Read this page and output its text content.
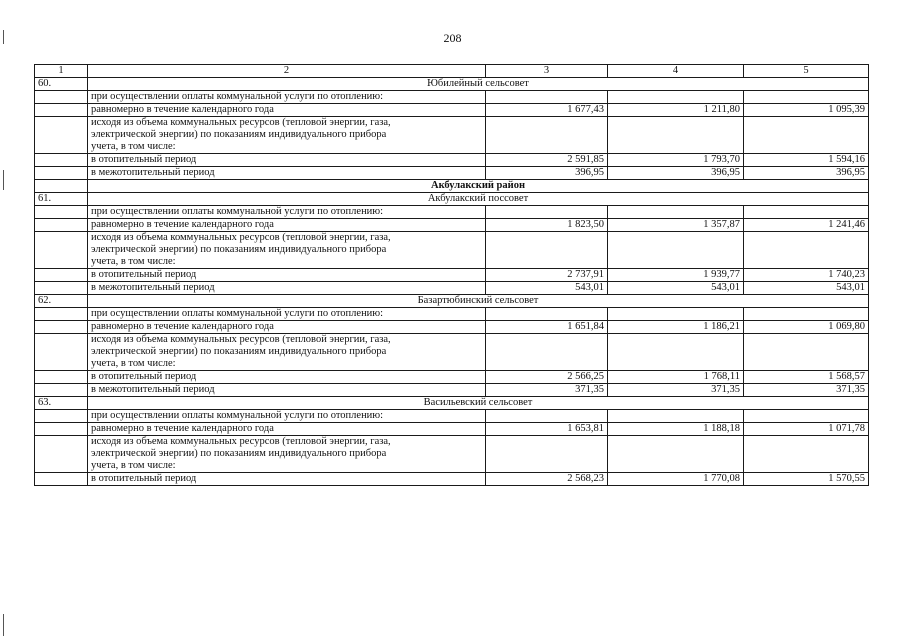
208
1	2	3	4	5
60.	Юбилейный сельсовет			
	при осуществлении оплаты коммунальной услуги по отоплению:			
	равномерно в течение календарного года	1 677,43	1 211,80	1 095,39

	исходя из объема коммунальных ресурсов (тепловой энергии, газа,
электрической энергии) по показаниям индивидуального прибора
учета, в том числе:			

	в отопительный период	2 591,85	1 793,70	1 594,16
	в межотопительный период	396,95	396,95	396,95
	Акбулакский район			
61.	Акбулакский поссовет			
	при осуществлении оплаты коммунальной услуги по отоплению:			
	равномерно в течение календарного года	1 823,50	1 357,87	1 241,46

	исходя из объема коммунальных ресурсов (тепловой энергии, газа,
электрической энергии) по показаниям индивидуального прибора
учета, в том числе:			

	в отопительный период	2 737,91	1 939,77	1 740,23
	в межотопительный период	543,01	543,01	543,01
62.	Базартюбинский сельсовет			
	при осуществлении оплаты коммунальной услуги по отоплению:			
	равномерно в течение календарного года	1 651,84	1 186,21	1 069,80

	исходя из объема коммунальных ресурсов (тепловой энергии, газа,
электрической энергии) по показаниям индивидуального прибора
учета, в том числе:			

	в отопительный период	2 566,25	1 768,11	1 568,57
	в межотопительный период	371,35	371,35	371,35
63.	Васильевский сельсовет			
	при осуществлении оплаты коммунальной услуги по отоплению:			
	равномерно в течение календарного года	1 653,81	1 188,18	1 071,78

	исходя из объема коммунальных ресурсов (тепловой энергии, газа,
электрической энергии) по показаниям индивидуального прибора
учета, в том числе:			

	в отопительный период	2 568,23	1 770,08	1 570,55
